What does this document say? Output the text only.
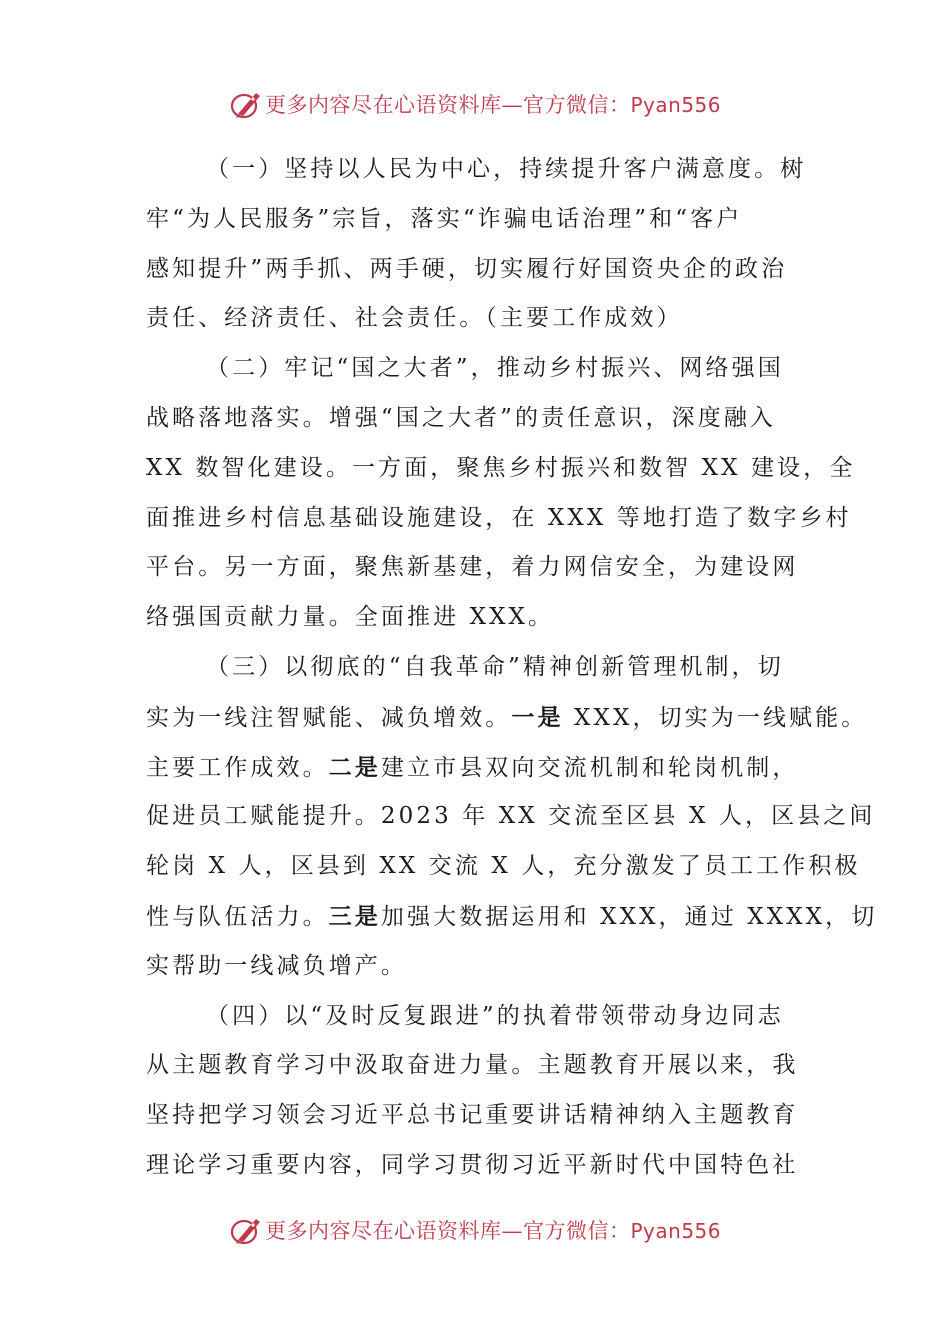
更多内容尽在心语资料库—官方微信：Pyan556
（一）坚持以人民为中心，持续提升客户满意度。树
牢“为人民服务”宗旨，落实“诈骗电话治理”和“客户
感知提升”两手抓、两手硬，切实履行好国资央企的政治
责任、经济责任、社会责任。（主要工作成效）
（二）牢记“国之大者”，推动乡村振兴、网络强国
战略落地落实。增强“国之大者”的责任意识，深度融入
XX 数智化建设。一方面，聚焦乡村振兴和数智 XX 建设，全
面推进乡村信息基础设施建设，在 XXX 等地打造了数字乡村
平台。另一方面，聚焦新基建，着力网信安全，为建设网
络强国贡献力量。全面推进 XXX。
（三）以彻底的“自我革命”精神创新管理机制，切
实为一线注智赋能、减负增效。一是 XXX，切实为一线赋能。
主要工作成效。二是建立市县双向交流机制和轮岗机制，
促进员工赋能提升。2023 年 XX 交流至区县 X 人，区县之间
轮岗 X 人，区县到 XX 交流 X 人，充分激发了员工工作积极
性与队伍活力。三是加强大数据运用和 XXX，通过 XXXX，切
实帮助一线减负增产。
（四）以“及时反复跟进”的执着带领带动身边同志
从主题教育学习中汲取奋进力量。主题教育开展以来，我
坚持把学习领会习近平总书记重要讲话精神纳入主题教育
理论学习重要内容，同学习贯彻习近平新时代中国特色社
更多内容尽在心语资料库—官方微信：Pyan556
